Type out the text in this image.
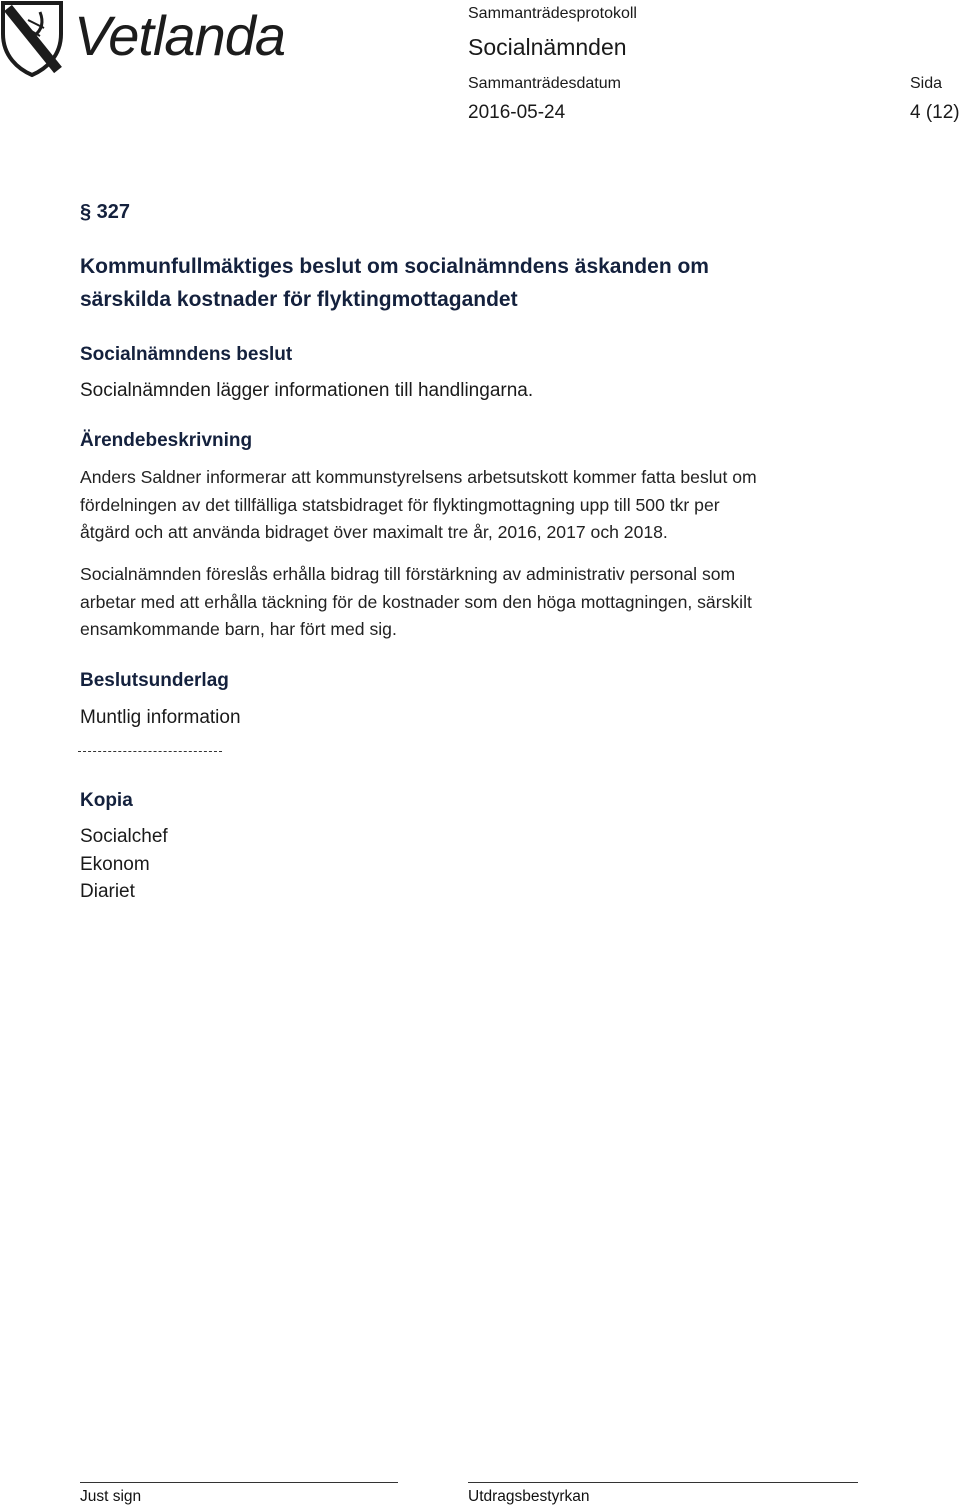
Vetlanda	Sammanträdesprotokoll
Socialnämnden
Sammanträdesdatum
2016-05-24
Sida
4 (12)
§ 327
Kommunfullmäktiges beslut om socialnämndens äskanden om
särskilda kostnader för flyktingmottagandet
Socialnämndens beslut
Socialnämnden lägger informationen till handlingarna.
Ärendebeskrivning
Anders Saldner informerar att kommunstyrelsens arbetsutskott kommer fatta beslut om
fördelningen av det tillfälliga statsbidraget för flyktingmottagning upp till 500 tkr per
åtgärd och att använda bidraget över maximalt tre år, 2016, 2017 och 2018.
Socialnämnden föreslås erhålla bidrag till förstärkning av administrativ personal som
arbetar med att erhålla täckning för de kostnader som den höga mottagningen, särskilt
ensamkommande barn, har fört med sig.
Beslutsunderlag
Muntlig information
Kopia
Socialchef
Ekonom
Diariet
Just sign	Utdragsbestyrkan
